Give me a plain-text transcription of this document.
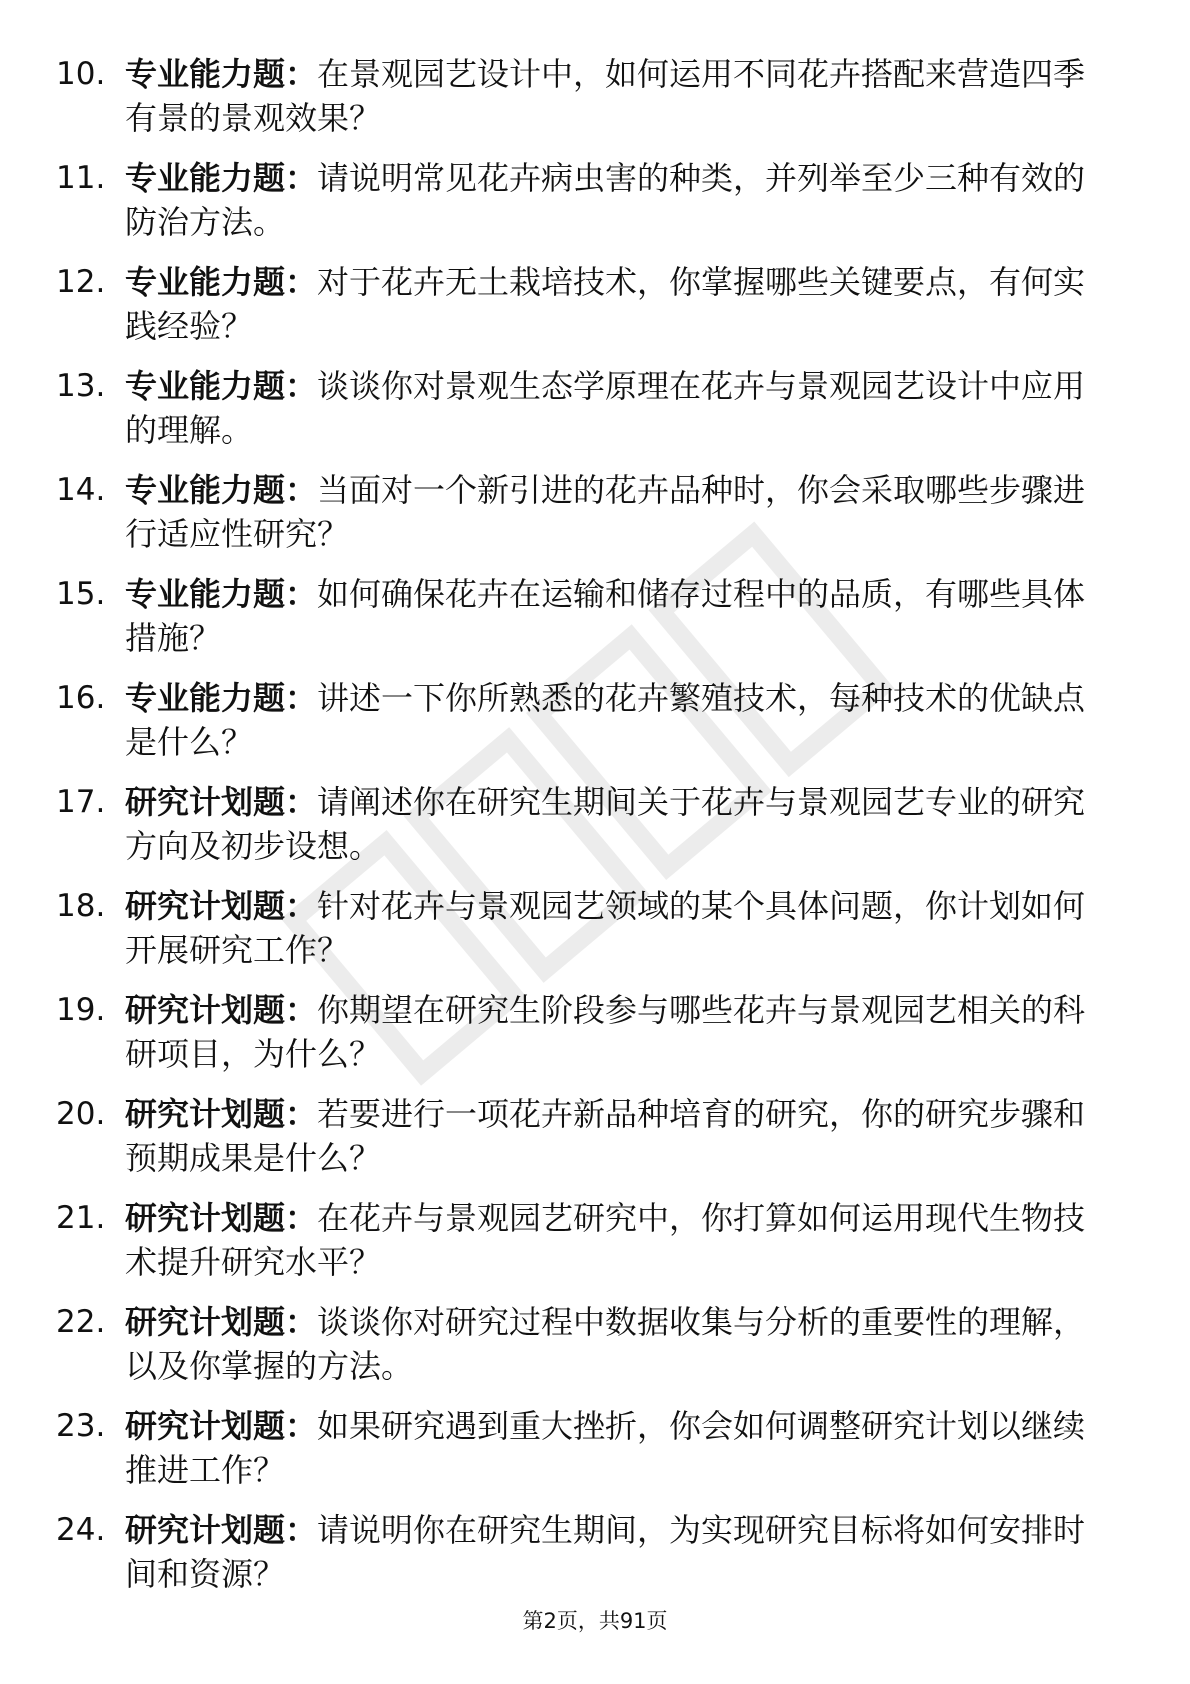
10. 专业能力题：在景观园艺设计中，如何运用不同花卉搭配来营造四季有景的景观效果？
11. 专业能力题：请说明常见花卉病虫害的种类，并列举至少三种有效的防治方法。
12. 专业能力题：对于花卉无土栽培技术，你掌握哪些关键要点，有何实践经验？
13. 专业能力题：谈谈你对景观生态学原理在花卉与景观园艺设计中应用的理解。
14. 专业能力题：当面对一个新引进的花卉品种时，你会采取哪些步骤进行适应性研究？
15. 专业能力题：如何确保花卉在运输和储存过程中的品质，有哪些具体措施？
16. 专业能力题：讲述一下你所熟悉的花卉繁殖技术，每种技术的优缺点是什么？
17. 研究计划题：请阐述你在研究生期间关于花卉与景观园艺专业的研究方向及初步设想。
18. 研究计划题：针对花卉与景观园艺领域的某个具体问题，你计划如何开展研究工作？
19. 研究计划题：你期望在研究生阶段参与哪些花卉与景观园艺相关的科研项目，为什么？
20. 研究计划题：若要进行一项花卉新品种培育的研究，你的研究步骤和预期成果是什么？
21. 研究计划题：在花卉与景观园艺研究中，你打算如何运用现代生物技术提升研究水平？
22. 研究计划题：谈谈你对研究过程中数据收集与分析的重要性的理解，以及你掌握的方法。
23. 研究计划题：如果研究遇到重大挫折，你会如何调整研究计划以继续推进工作？
24. 研究计划题：请说明你在研究生期间，为实现研究目标将如何安排时间和资源？
第2页，共91页
